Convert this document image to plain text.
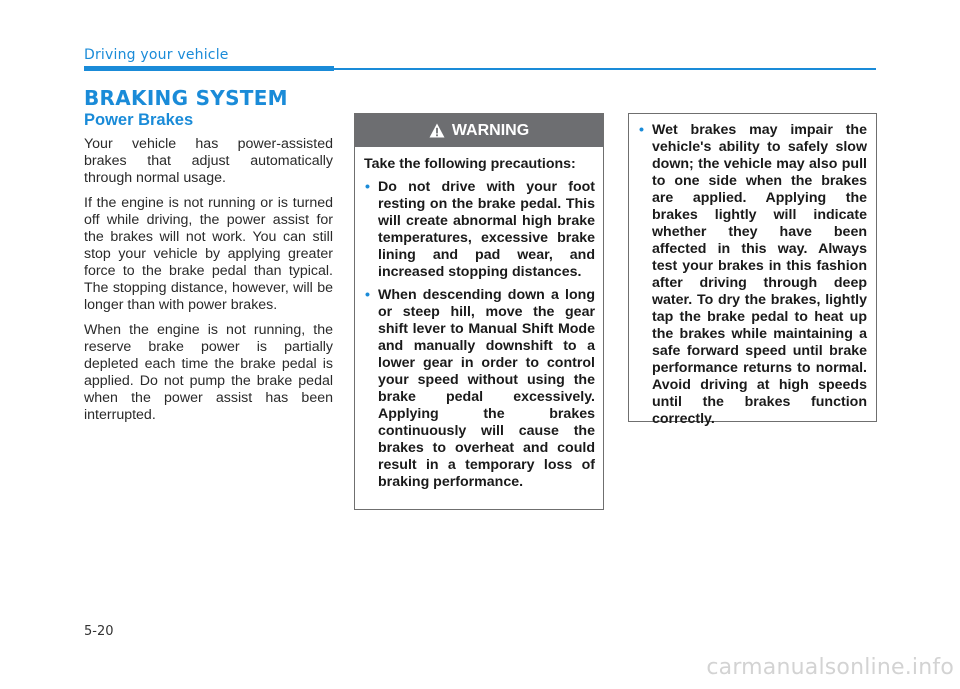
Driving your vehicle
BRAKING SYSTEM
Power Brakes

Your vehicle has power-assisted brakes that adjust automatically through normal usage.

If the engine is not running or is turned off while driving, the power assist for the brakes will not work. You can still stop your vehicle by applying greater force to the brake pedal than typical. The stopping distance, however, will be longer than with power brakes.

When the engine is not running, the reserve brake power is partially depleted each time the brake pedal is applied. Do not pump the brake pedal when the power assist has been interrupted.

WARNING

Take the following precautions:

• Do not drive with your foot resting on the brake pedal. This will create abnormal high brake temperatures, excessive brake lining and pad wear, and increased stopping distances.
• When descending down a long or steep hill, move the gear shift lever to Manual Shift Mode and manually downshift to a lower gear in order to control your speed without using the brake pedal excessively. Applying the brakes continuously will cause the brakes to overheat and could result in a temporary loss of braking performance.
• Wet brakes may impair the vehicle's ability to safely slow down; the vehicle may also pull to one side when the brakes are applied. Applying the brakes lightly will indicate whether they have been affected in this way. Always test your brakes in this fashion after driving through deep water. To dry the brakes, lightly tap the brake pedal to heat up the brakes while maintaining a safe forward speed until brake performance returns to normal. Avoid driving at high speeds until the brakes function correctly.
5-20
carmanualsonline.info
